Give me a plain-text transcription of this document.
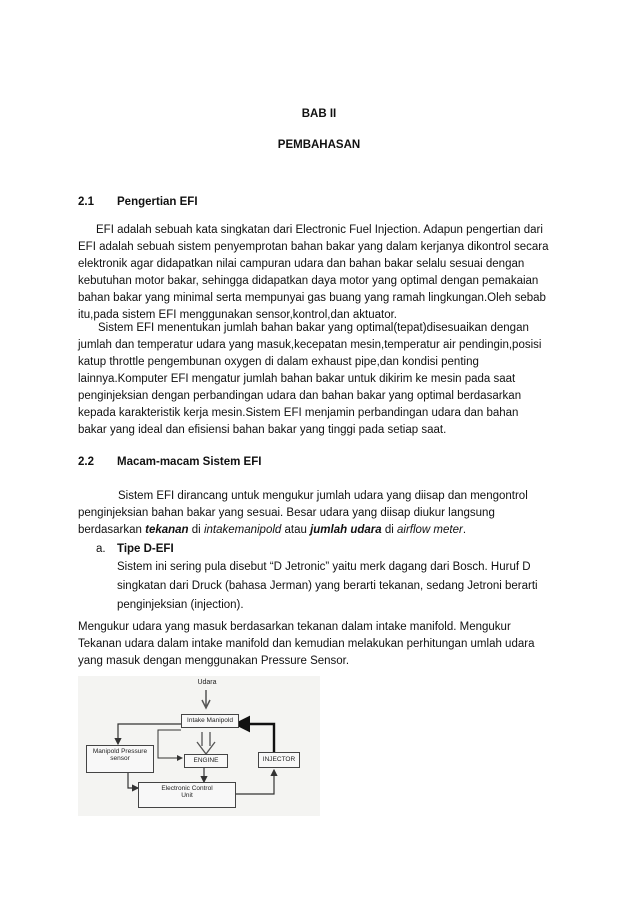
BAB II
PEMBAHASAN
2.1 Pengertian EFI
EFI adalah sebuah kata singkatan dari Electronic Fuel Injection. Adapun pengertian dari
EFI adalah sebuah sistem penyemprotan bahan bakar yang dalam kerjanya dikontrol secara
elektronik agar didapatkan nilai campuran udara dan bahan bakar selalu sesuai dengan
kebutuhan motor bakar, sehingga didapatkan daya motor yang optimal dengan pemakaian
bahan bakar yang minimal serta mempunyai gas buang yang ramah lingkungan.Oleh sebab
itu,pada sistem EFI menggunakan sensor,kontrol,dan aktuator.
Sistem EFI menentukan jumlah bahan bakar yang optimal(tepat)disesuaikan dengan
jumlah dan temperatur udara yang masuk,kecepatan mesin,temperatur air pendingin,posisi
katup throttle pengembunan oxygen di dalam exhaust pipe,dan kondisi penting
lainnya.Komputer EFI mengatur jumlah bahan bakar untuk dikirim ke mesin pada saat
penginjeksian dengan perbandingan udara dan bahan bakar yang optimal berdasarkan
kepada karakteristik kerja mesin.Sistem EFI menjamin perbandingan udara dan bahan
bakar yang ideal dan efisiensi bahan bakar yang tinggi pada setiap saat.
2.2 Macam-macam Sistem EFI
Sistem EFI dirancang untuk mengukur jumlah udara yang diisap dan mengontrol
penginjeksian bahan bakar yang sesuai. Besar udara yang diisap diukur langsung
berdasarkan tekanan di intakemanipold atau jumlah udara di airflow meter.
a. Tipe D-EFI
Sistem ini sering pula disebut “D Jetronic” yaitu merk dagang dari Bosch. Huruf D
singkatan dari Druck (bahasa Jerman) yang berarti tekanan, sedang Jetroni berarti
penginjeksian (injection).
Mengukur udara yang masuk berdasarkan tekanan dalam intake manifold. Mengukur
Tekanan udara dalam intake manifold dan kemudian melakukan perhitungan umlah udara
yang masuk dengan menggunakan Pressure Sensor.
Udara
Intake Manipold
Manipold Pressure
sensor	ENGINE	INJECTOR
Electronic Control
Unit
